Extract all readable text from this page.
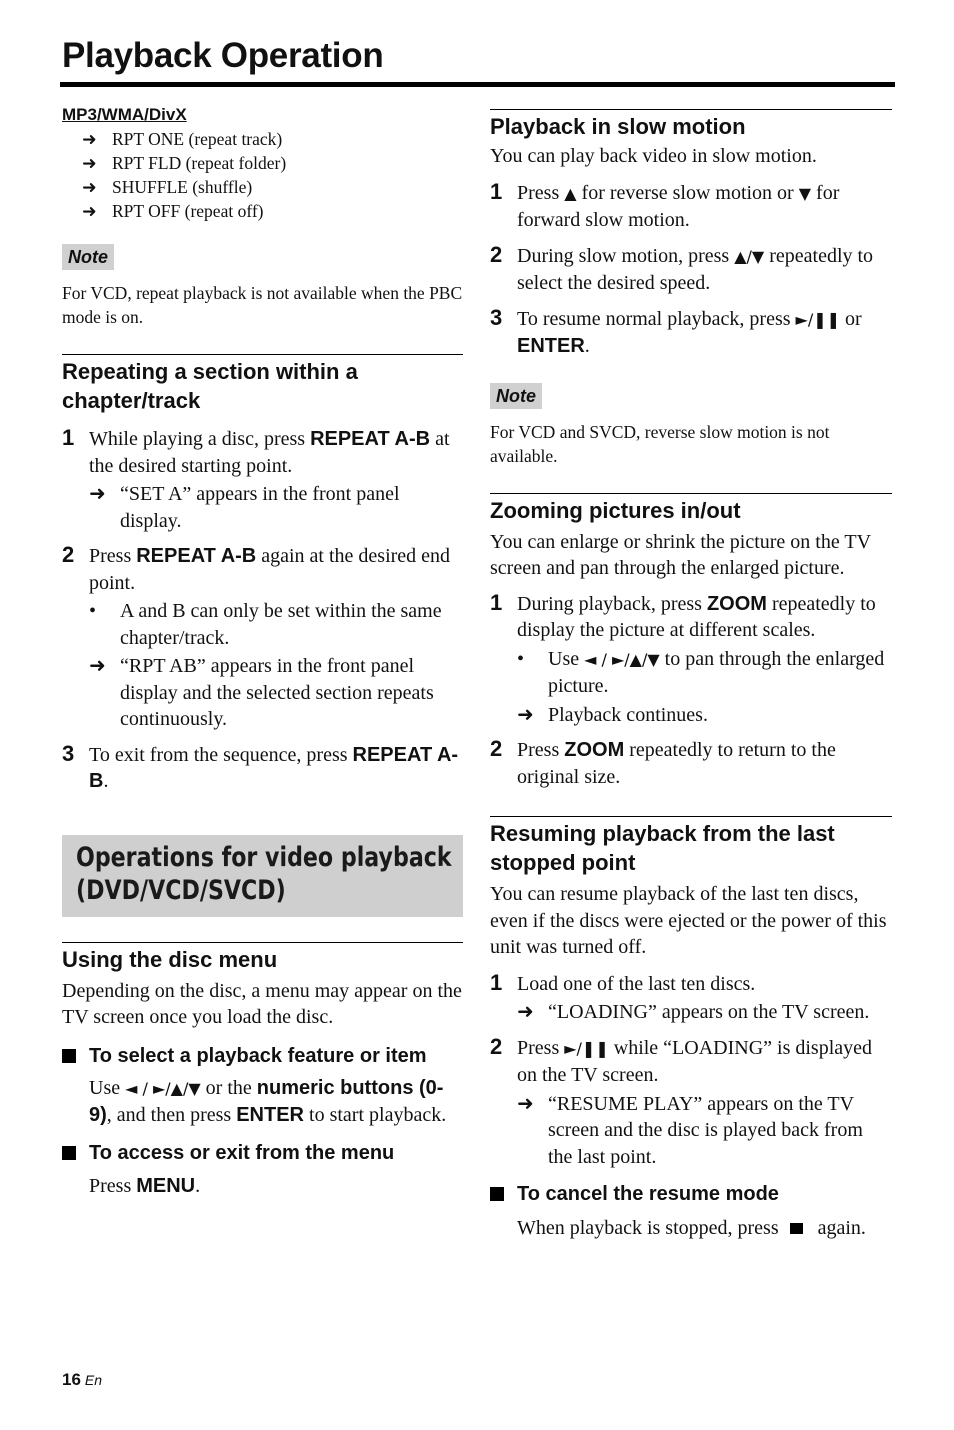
Playback Operation
MP3/WMA/DivX
➜ RPT ONE (repeat track)
➜ RPT FLD (repeat folder)
➜ SHUFFLE (shuffle)
➜ RPT OFF (repeat off)
Note

For VCD, repeat playback is not available when the PBC mode is on.

Repeating a section within a chapter/track

1 While playing a disc, press REPEAT A-B at the desired starting point.
➜ “SET A” appears in the front panel display.
2 Press REPEAT A-B again at the desired end point.
•	A and B can only be set within the same chapter/track.
➜ “RPT AB” appears in the front panel display and the selected section repeats continuously.
3 To exit from the sequence, press REPEAT A-B.
Operations for video playback
(DVD/VCD/SVCD)

Using the disc menu

Depending on the disc, a menu may appear on the TV screen once you load the disc.

To select a playback feature or item

Use ◄ / ►/▲/▼ or the numeric buttons (0-9), and then press ENTER to start playback.

To access or exit from the menu

Press MENU.

Playback in slow motion

You can play back video in slow motion.

1 Press ▲ for reverse slow motion or ▼ for forward slow motion.
2 During slow motion, press ▲/▼ repeatedly to select the desired speed.
3 To resume normal playback, press ►/❚❚ or ENTER.
Note

For VCD and SVCD, reverse slow motion is not available.

Zooming pictures in/out

You can enlarge or shrink the picture on the TV screen and pan through the enlarged picture.

1 During playback, press ZOOM repeatedly to display the picture at different scales.
•	Use ◄ / ►/▲/▼ to pan through the enlarged picture.
➜ Playback continues.
2 Press ZOOM repeatedly to return to the original size.

Resuming playback from the last stopped point

You can resume playback of the last ten discs, even if the discs were ejected or the power of this unit was turned off.

1 Load one of the last ten discs.
➜ “LOADING” appears on the TV screen.
2 Press ►/❚❚ while “LOADING” is displayed on the TV screen.
➜ “RESUME PLAY” appears on the TV screen and the disc is played back from the last point.
To cancel the resume mode

When playback is stopped, press  again.

16 En
